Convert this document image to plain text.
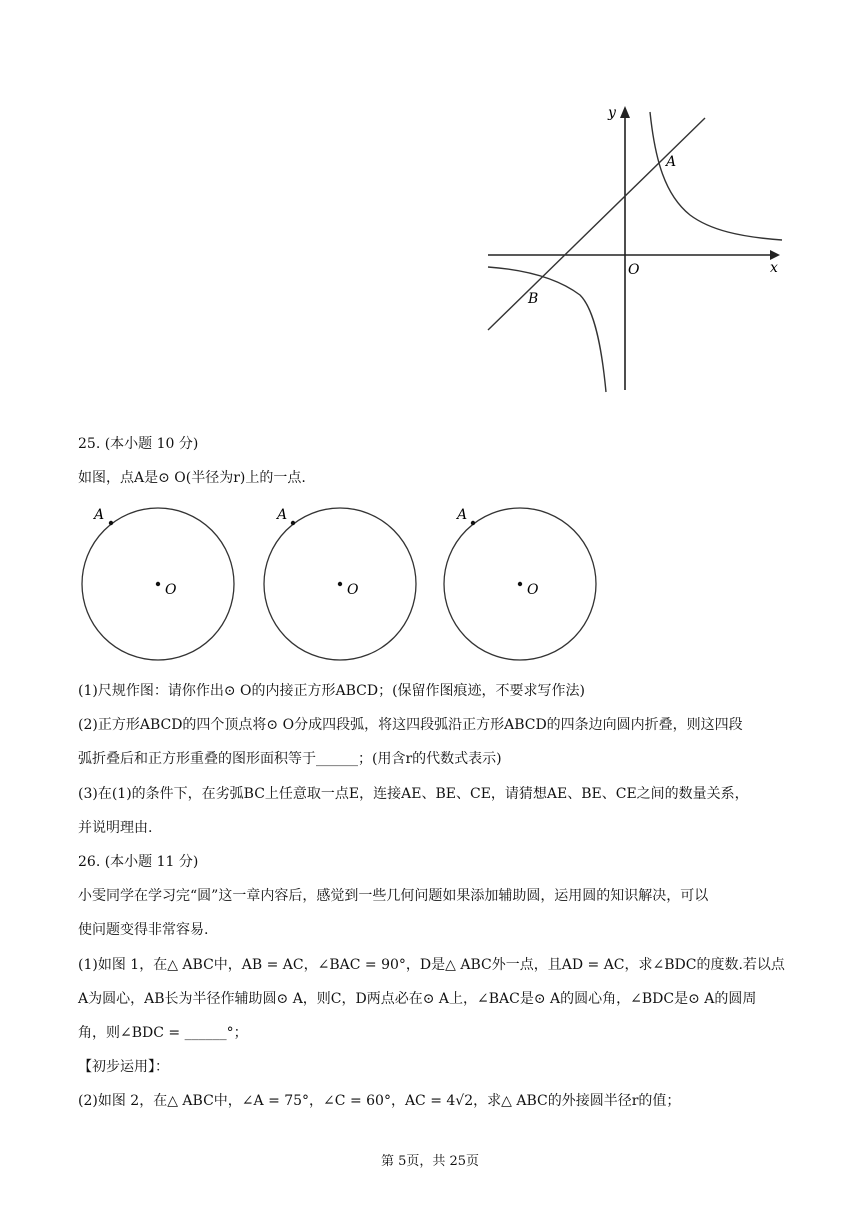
y
x
O
A
B
25. (本小题 10 分)
如图，点A是⊙ O(半径为r)上的一点.
A
O
A
O
A
O
(1)尺规作图：请你作出⊙ O的内接正方形ABCD；(保留作图痕迹，不要求写作法)
(2)正方形ABCD的四个顶点将⊙ O分成四段弧，将这四段弧沿正方形ABCD的四条边向圆内折叠，则这四段
弧折叠后和正方形重叠的图形面积等于______；(用含r的代数式表示)
(3)在(1)的条件下，在劣弧BC上任意取一点E，连接AE、BE、CE，请猜想AE、BE、CE之间的数量关系，
并说明理由.
26. (本小题 11 分)
小雯同学在学习完“圆”这一章内容后，感觉到一些几何问题如果添加辅助圆，运用圆的知识解决，可以
使问题变得非常容易.
(1)如图 1，在△ ABC中，AB = AC，∠BAC = 90°，D是△ ABC外一点，且AD = AC，求∠BDC的度数.若以点
A为圆心，AB长为半径作辅助圆⊙ A，则C，D两点必在⊙ A上，∠BAC是⊙ A的圆心角，∠BDC是⊙ A的圆周
角，则∠BDC = ______°；
【初步运用】：
(2)如图 2，在△ ABC中，∠A = 75°，∠C = 60°，AC = 4√2，求△ ABC的外接圆半径r的值；
第 5页，共 25页
